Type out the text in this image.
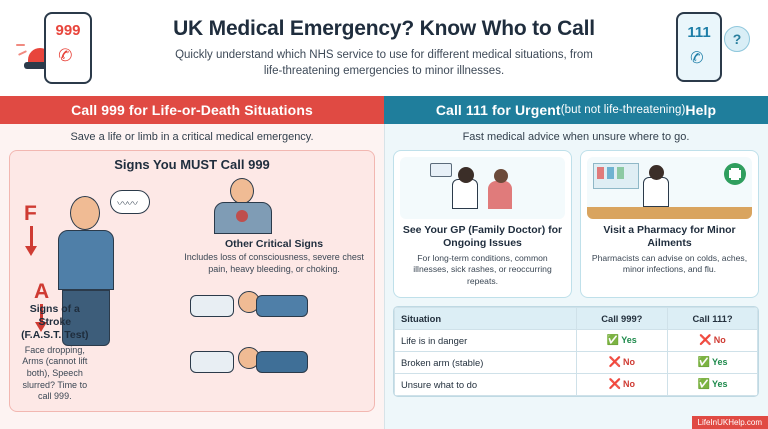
999
✆
UK Medical Emergency? Know Who to Call
Quickly understand which NHS service to use for different medical situations, from life-threatening emergencies to minor illnesses.
111
✆
?
Call 999 for Life-or-Death Situations	Call 111 for Urgent (but not life-threatening) Help
Save a life or limb in a critical medical emergency.
Signs You MUST Call 999
F
A
〰〰
Signs of a Stroke (F.A.S.T. Test)
Face dropping, Arms (cannot lift both), Speech slurred? Time to call 999.
Other Critical Signs
Includes loss of consciousness, severe chest pain, heavy bleeding, or choking.
Fast medical advice when unsure where to go.
See Your GP (Family Doctor) for Ongoing Issues
For long-term conditions, common illnesses, sick rashes, or reoccurring repeats.
Visit a Pharmacy for Minor Ailments
Pharmacists can advise on colds, aches, minor infections, and flu.
Situation	Call 999?	Call 111?
Life is in danger	✅ Yes	❌ No
Broken arm (stable)	❌ No	✅ Yes
Unsure what to do	❌ No	✅ Yes
LifeInUKHelp.com
